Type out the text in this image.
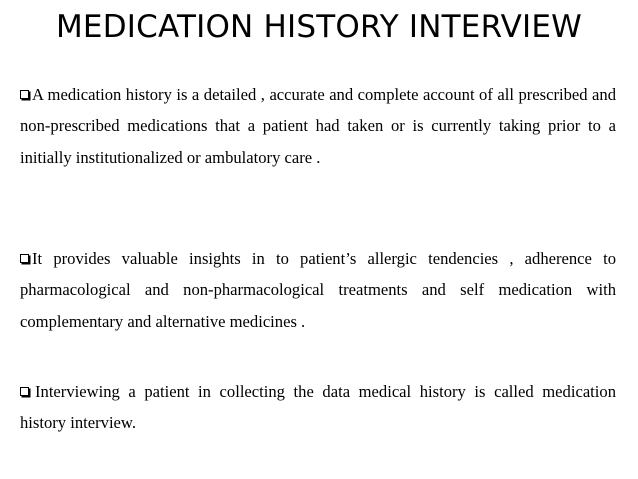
MEDICATION HISTORY INTERVIEW
A medication history is a detailed , accurate and complete account of all prescribed and non-prescribed medications that a patient had taken or is currently taking prior to a initially institutionalized or ambulatory care .
It provides valuable insights in to patient’s allergic tendencies , adherence to pharmacological and non-pharmacological treatments and self medication with complementary and alternative medicines .
Interviewing a patient in collecting the data medical history is called medication history interview.
